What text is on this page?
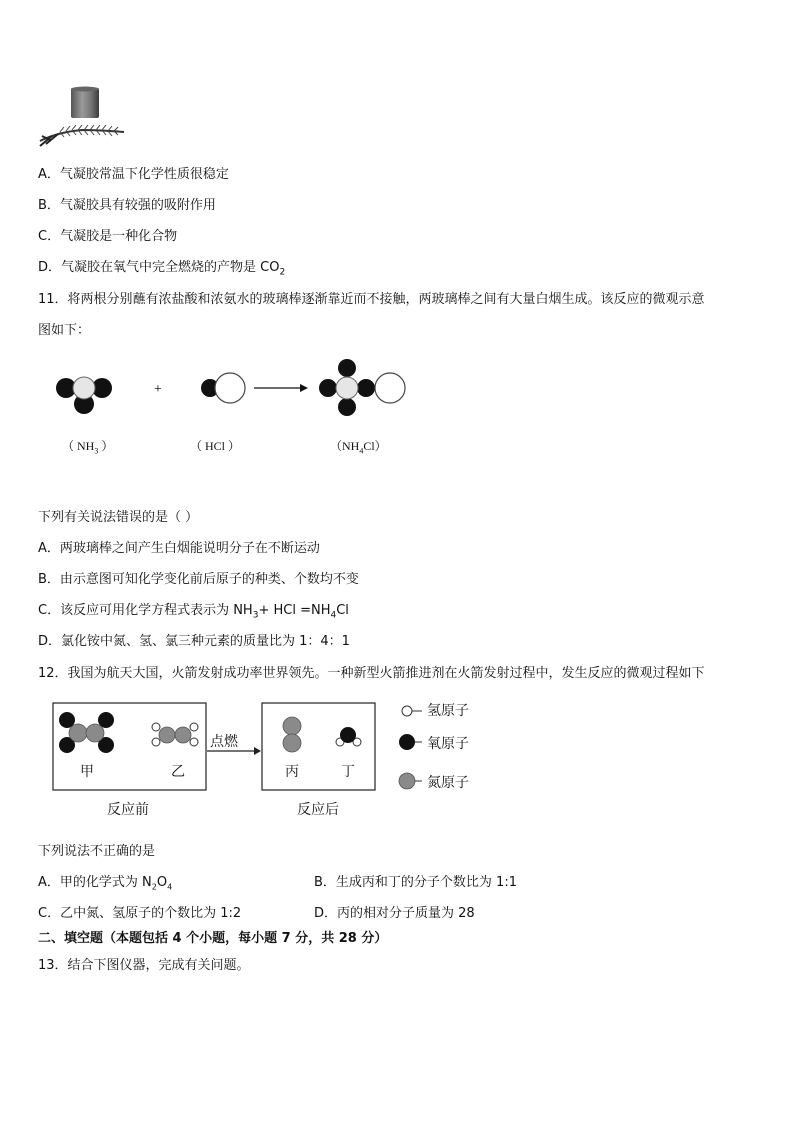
A．气凝胶常温下化学性质很稳定
B．气凝胶具有较强的吸附作用
C．气凝胶是一种化合物
D．气凝胶在氧气中完全燃烧的产物是 $CO_2$
11．将两根分别蘸有浓盐酸和浓氨水的玻璃棒逐渐靠近而不接触，两玻璃棒之间有大量白烟生成。该反应的微观示意
图如下：
+
（ $NH_3$ ）	（ HCl ）	$(NH_4Cl)$
下列有关说法错误的是（ ）
A．两玻璃棒之间产生白烟能说明分子在不断运动
B．由示意图可知化学变化前后原子的种类、个数均不变
C．该反应可用化学方程式表示为 $NH_3+$ HCl $=NH_4Cl$
D．氯化铵中氮、氢、氯三种元素的质量比为 1：4：1
12．我国为航天大国，火箭发射成功率世界领先。一种新型火箭推进剂在火箭发射过程中，发生反应的微观过程如下
甲	乙
点燃
丙	丁
反应前	反应后
氢原子
氧原子
氮原子
下列说法不正确的是
A．甲的化学式为 $N_2O_4$	B．生成丙和丁的分子个数比为 1:1
C．乙中氮、氢原子的个数比为 1:2	D．丙的相对分子质量为 28
二、填空题（本题包括 4 个小题，每小题 7 分，共 28 分）
13．结合下图仪器，完成有关问题。
